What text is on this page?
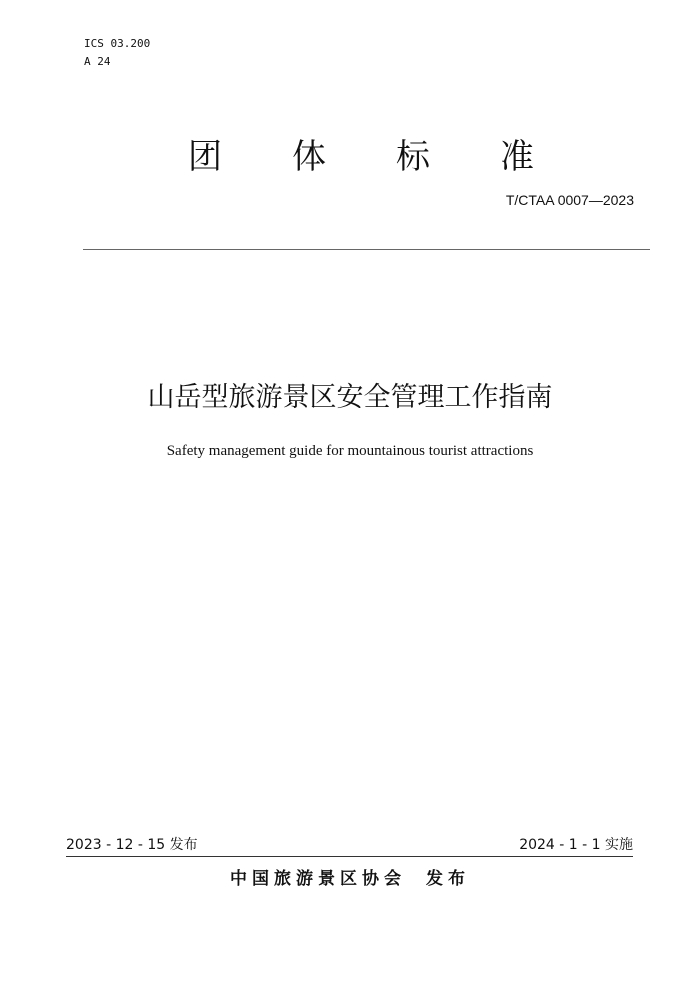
ICS 03.200
A 24
团 体 标 准
T/CTAA 0007—2023
山岳型旅游景区安全管理工作指南
Safety management guide for mountainous tourist attractions
2023 - 12 - 15 发布	2024 - 1 - 1 实施
中国旅游景区协会 发布
